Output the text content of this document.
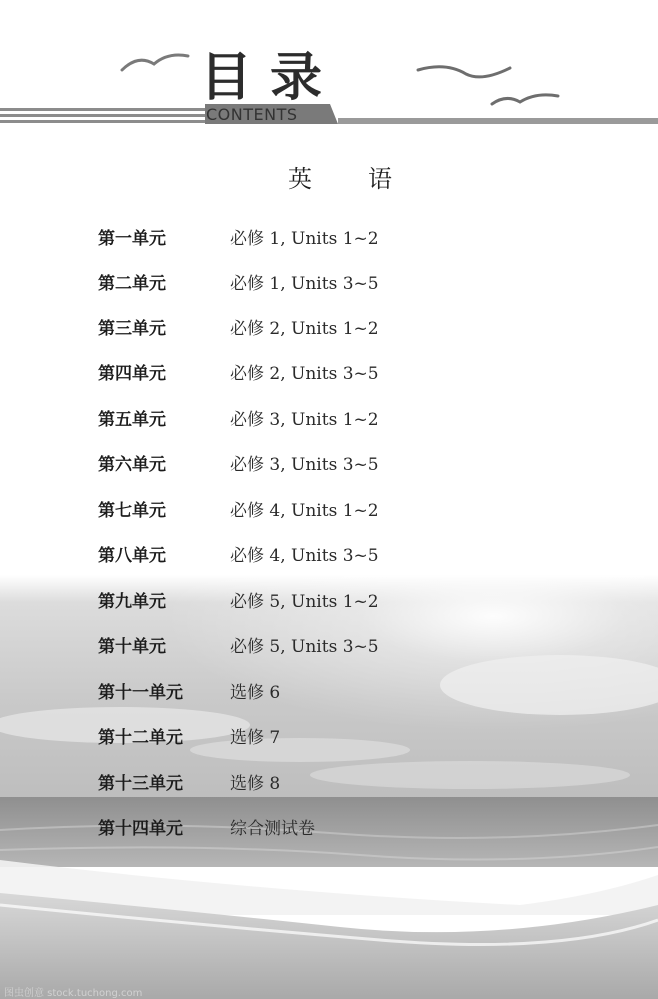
目录
CONTENTS
英语
第一单元	必修 1, Units 1~2
第二单元	必修 1, Units 3~5
第三单元	必修 2, Units 1~2
第四单元	必修 2, Units 3~5
第五单元	必修 3, Units 1~2
第六单元	必修 3, Units 3~5
第七单元	必修 4, Units 1~2
第八单元	必修 4, Units 3~5
第九单元	必修 5, Units 1~2
第十单元	必修 5, Units 3~5
第十一单元	选修 6
第十二单元	选修 7
第十三单元	选修 8
第十四单元	综合测试卷
图虫创意 stock.tuchong.com
